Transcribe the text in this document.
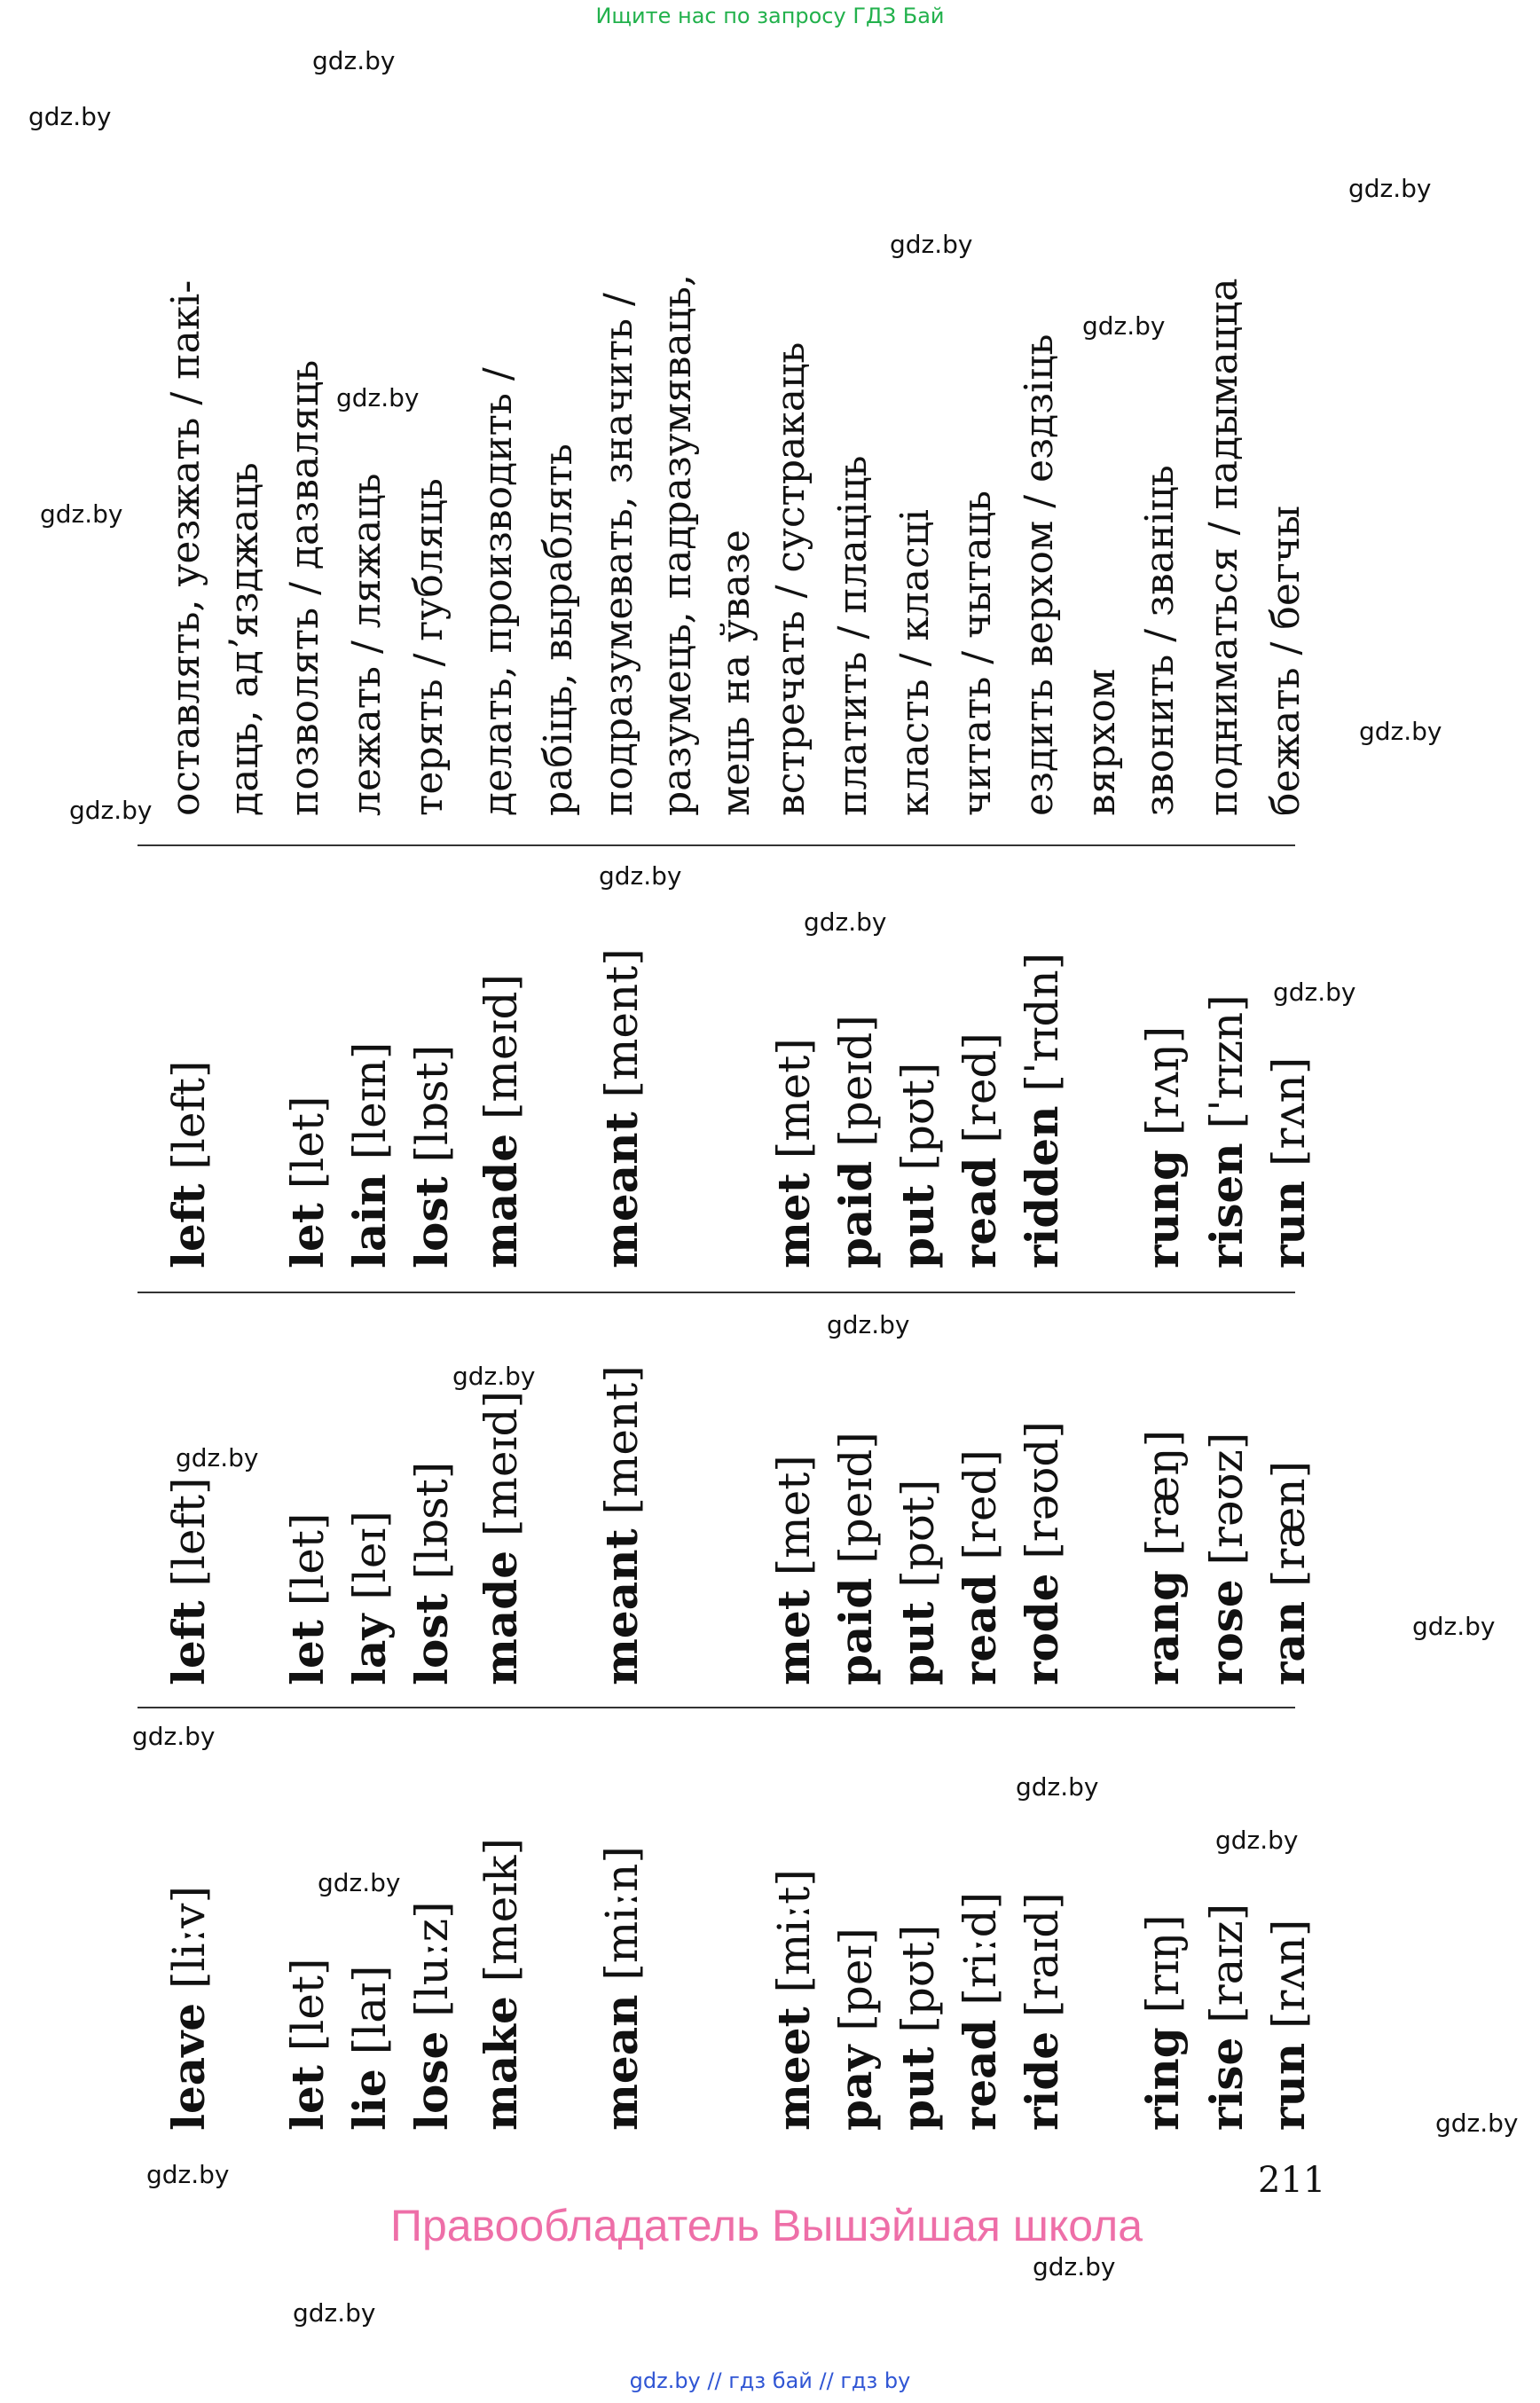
Ищите нас по запросу ГДЗ Бай
gdz.by
gdz.by
gdz.by
gdz.by
gdz.by
gdz.by
gdz.by
gdz.by
gdz.by
gdz.by
gdz.by
gdz.by
gdz.by
gdz.by
gdz.by
gdz.by
gdz.by
gdz.by
gdz.by
gdz.by
gdz.by
gdz.by
gdz.by
gdz.by
leave [liːv]
let [let]
lie [laɪ]
lose [luːz]
make [meɪk]
mean [miːn]
meet [miːt]
pay [peɪ]
put [pʊt]
read [riːd]
ride [raɪd]
ring [rɪŋ]
rise [raɪz]
run [rʌn]
left [left]
let [let]
lay [leɪ]
lost [lɒst]
made [meɪd]
meant [ment]
met [met]
paid [peɪd]
put [pʊt]
read [red]
rode [rəʊd]
rang [ræŋ]
rose [rəʊz]
ran [ræn]
left [left]
let [let]
lain [leɪn]
lost [lɒst]
made [meɪd]
meant [ment]
met [met]
paid [peɪd]
put [pʊt]
read [red]
ridden [ˈrɪdn]
rung [rʌŋ]
risen [ˈrɪzn]
run [rʌn]
оставлять, уезжать / пакі- даць, адʼязджаць позволять / дазваляць лежать / ляжаць терять / губляць делать, производить / рабіць, выраблять подразумевать, значить / разумець, падразумяваць, мець на ўвазе встречать / сустракаць платить / плаціць класть / класці читать / чытаць ездить верхом / ездзіць вярхом звонить / званіць подниматься / падымацца бежать / бегчы
211
Правообладатель Вышэйшая школа
gdz.by // гдз бай // гдз by
